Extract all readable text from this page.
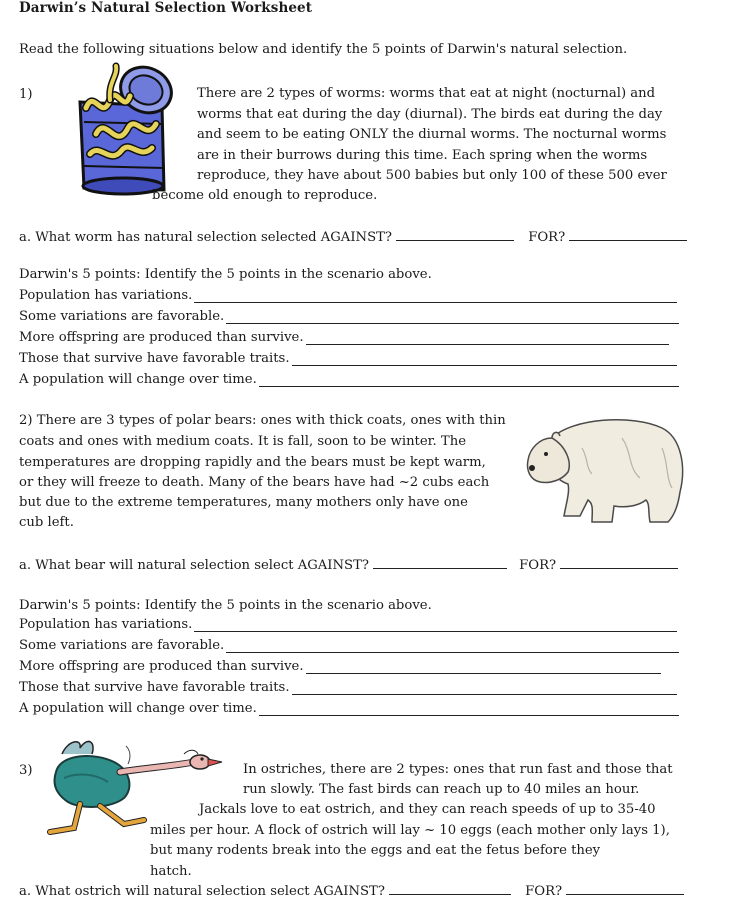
Darwin’s Natural Selection Worksheet
Read the following situations below and identify the 5 points of Darwin's natural selection.
1)	There are 2 types of worms: worms that eat at night (nocturnal) and
worms that eat during the day (diurnal). The birds eat during the day
and seem to be eating ONLY the diurnal worms. The nocturnal worms
are in their burrows during this time. Each spring when the worms
reproduce, they have about 500 babies but only 100 of these 500 ever
become old enough to reproduce.
a. What worm has natural selection selected AGAINST?	FOR?
Darwin's 5 points: Identify the 5 points in the scenario above.
Population has variations.
Some variations are favorable.
More offspring are produced than survive.
Those that survive have favorable traits.
A population will change over time.
2) There are 3 types of polar bears: ones with thick coats, ones with thin
coats and ones with medium coats. It is fall, soon to be winter. The
temperatures are dropping rapidly and the bears must be kept warm,
or they will freeze to death. Many of the bears have had ~2 cubs each
but due to the extreme temperatures, many mothers only have one
cub left.
a. What bear will natural selection select AGAINST?	FOR?
Darwin's 5 points: Identify the 5 points in the scenario above.
Population has variations.
Some variations are favorable.
More offspring are produced than survive.
Those that survive have favorable traits.
A population will change over time.
3)	In ostriches, there are 2 types: ones that run fast and those that
run slowly. The fast birds can reach up to 40 miles an hour.
Jackals love to eat ostrich, and they can reach speeds of up to 35-40
miles per hour. A flock of ostrich will lay ~ 10 eggs (each mother only lays 1),
but many rodents break into the eggs and eat the fetus before they
hatch.
a. What ostrich will natural selection select AGAINST?	FOR?
